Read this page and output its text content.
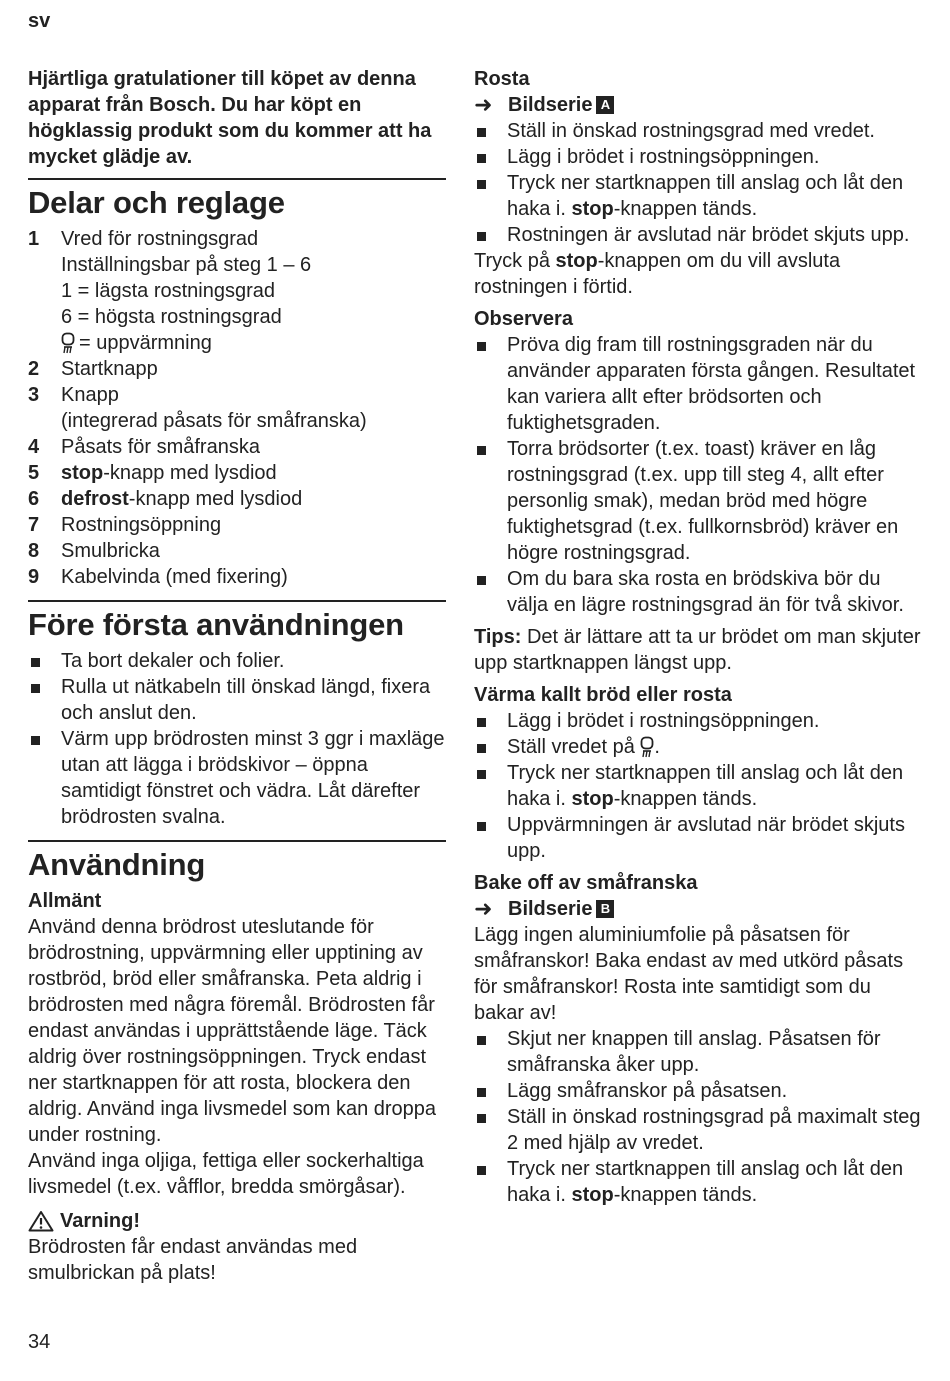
sv

Hjärtliga gratulationer till köpet av denna apparat från Bosch. Du har köpt en högklassig produkt som du kommer att ha mycket glädje av.

Delar och reglage
1	Vred för rostningsgrad
Inställningsbar på steg 1 – 6
1 = lägsta rostningsgrad
6 = högsta rostningsgrad
= uppvärmning
2	Startknapp
3	Knapp
(integrerad påsats för småfranska)
4	Påsats för småfranska
5	stop-knapp med lysdiod
6	defrost-knapp med lysdiod
7	Rostningsöppning
8	Smulbricka
9	Kabelvinda (med fixering)
Före första användningen
Ta bort dekaler och folier.
Rulla ut nätkabeln till önskad längd, fixera och anslut den.
Värm upp brödrosten minst 3 ggr i maxläge utan att lägga i brödskivor – öppna samtidigt fönstret och vädra. Låt därefter brödrosten svalna.
Användning
Allmänt

Använd denna brödrost uteslutande för brödrostning, uppvärmning eller upptining av rostbröd, bröd eller småfranska. Peta aldrig i brödrosten med några föremål. Brödrosten får endast användas i upprättstående läge. Täck aldrig över rostningsöppningen. Tryck endast ner startknappen för att rosta, blockera den aldrig. Använd inga livsmedel som kan droppa under rostning.

Använd inga oljiga, fettiga eller sockerhaltiga livsmedel (t.ex. våfflor, bredda smörgåsar).

Varning!

Brödrosten får endast användas med smulbrickan på plats!

Rosta
➜ Bildserie A
Ställ in önskad rostningsgrad med vredet.
Lägg i brödet i rostningsöppningen.
Tryck ner startknappen till anslag och låt den haka i. stop-knappen tänds.
Rostningen är avslutad när brödet skjuts upp.

Tryck på stop-knappen om du vill avsluta rostningen i förtid.

Observera
Pröva dig fram till rostningsgraden när du använder apparaten första gången. Resultatet kan variera allt efter brödsorten och fuktighetsgraden.
Torra brödsorter (t.ex. toast) kräver en låg rostningsgrad (t.ex. upp till steg 4, allt efter personlig smak), medan bröd med högre fuktighetsgrad (t.ex. fullkornsbröd) kräver en högre rostningsgrad.
Om du bara ska rosta en brödskiva bör du välja en lägre rostningsgrad än för två skivor.

Tips: Det är lättare att ta ur brödet om man skjuter upp startknappen längst upp.

Värma kallt bröd eller rosta
Lägg i brödet i rostningsöppningen.
Ställ vredet på .
Tryck ner startknappen till anslag och låt den haka i. stop-knappen tänds.
Uppvärmningen är avslutad när brödet skjuts upp.
Bake off av småfranska
➜ Bildserie B

Lägg ingen aluminiumfolie på påsatsen för småfranskor! Baka endast av med utkörd påsats för småfranskor! Rosta inte samtidigt som du bakar av!

Skjut ner knappen till anslag. Påsatsen för småfranska åker upp.
Lägg småfranskor på påsatsen.
Ställ in önskad rostningsgrad på maximalt steg 2 med hjälp av vredet.
Tryck ner startknappen till anslag och låt den haka i. stop-knappen tänds.
34
